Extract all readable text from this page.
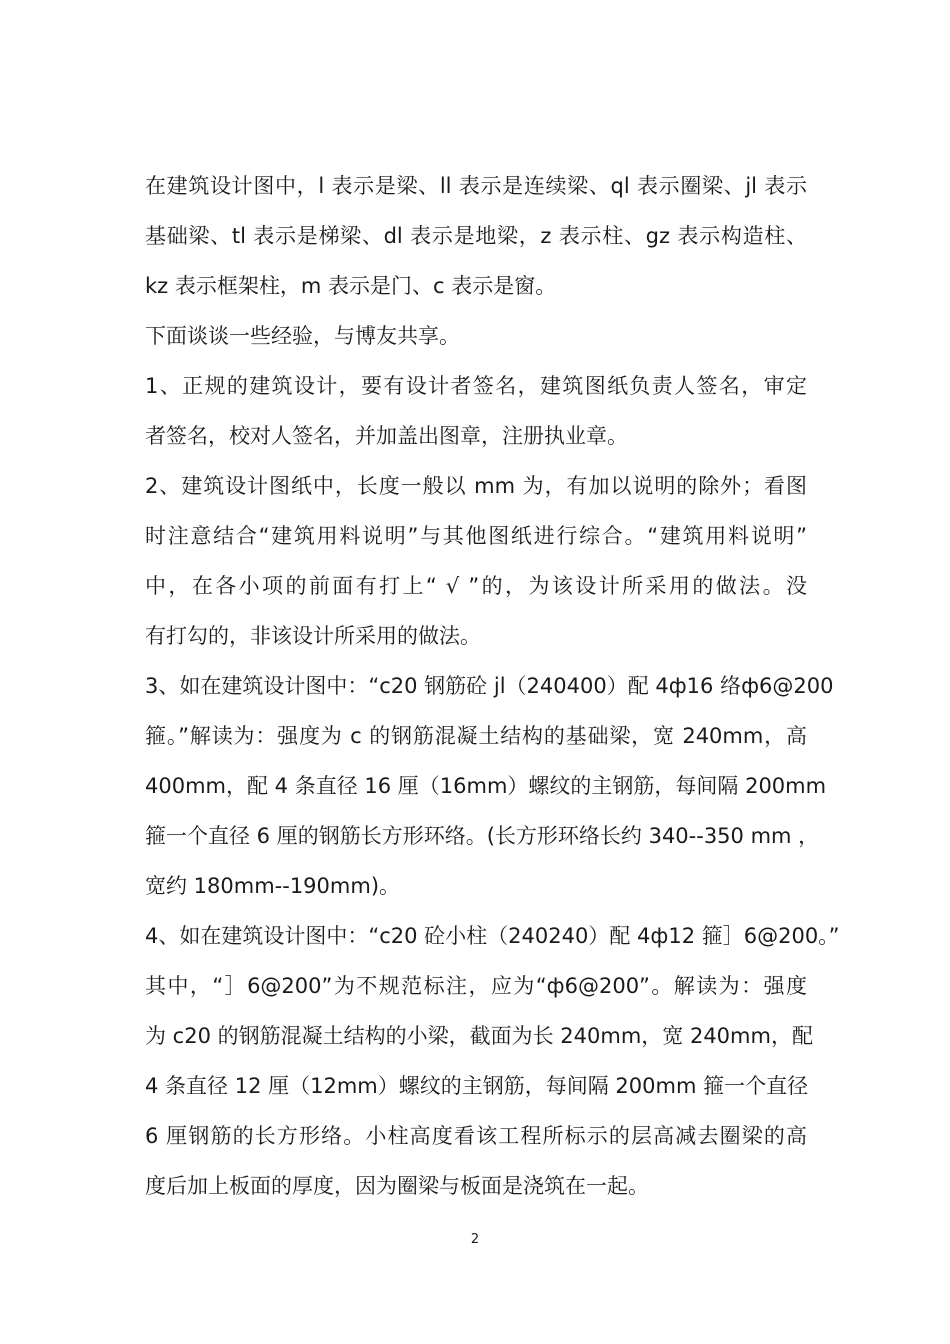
在建筑设计图中，l 表示是梁、ll 表示是连续梁、ql 表示圈梁、jl 表示
基础梁、tl 表示是梯梁、dl 表示是地梁，z 表示柱、gz 表示构造柱、
kz 表示框架柱，m 表示是门、c 表示是窗。
下面谈谈一些经验，与博友共享。
1、正规的建筑设计，要有设计者签名，建筑图纸负责人签名，审定
者签名，校对人签名，并加盖出图章，注册执业章。
2、建筑设计图纸中，长度一般以 mm 为，有加以说明的除外；看图
时注意结合“建筑用料说明”与其他图纸进行综合。“建筑用料说明”
中，在各小项的前面有打上“ √ ”的，为该设计所采用的做法。没
有打勾的，非该设计所采用的做法。
3、如在建筑设计图中：“c20 钢筋砼 jl（240400）配 4ф16 络ф6@200
箍。”解读为：强度为 c 的钢筋混凝土结构的基础梁，宽 240mm，高
400mm，配 4 条直径 16 厘（16mm）螺纹的主钢筋，每间隔 200mm
箍一个直径 6 厘的钢筋长方形环络。(长方形环络长约 340--350 mm ，
宽约 180mm--190mm)。
4、如在建筑设计图中：“c20 砼小柱（240240）配 4ф12 箍］6@200。”
其中，“］6@200”为不规范标注，应为“ф6@200”。解读为：强度
为 c20 的钢筋混凝土结构的小梁，截面为长 240mm，宽 240mm，配
4 条直径 12 厘（12mm）螺纹的主钢筋，每间隔 200mm 箍一个直径
6 厘钢筋的长方形络。小柱高度看该工程所标示的层高减去圈梁的高
度后加上板面的厚度，因为圈梁与板面是浇筑在一起。
2
